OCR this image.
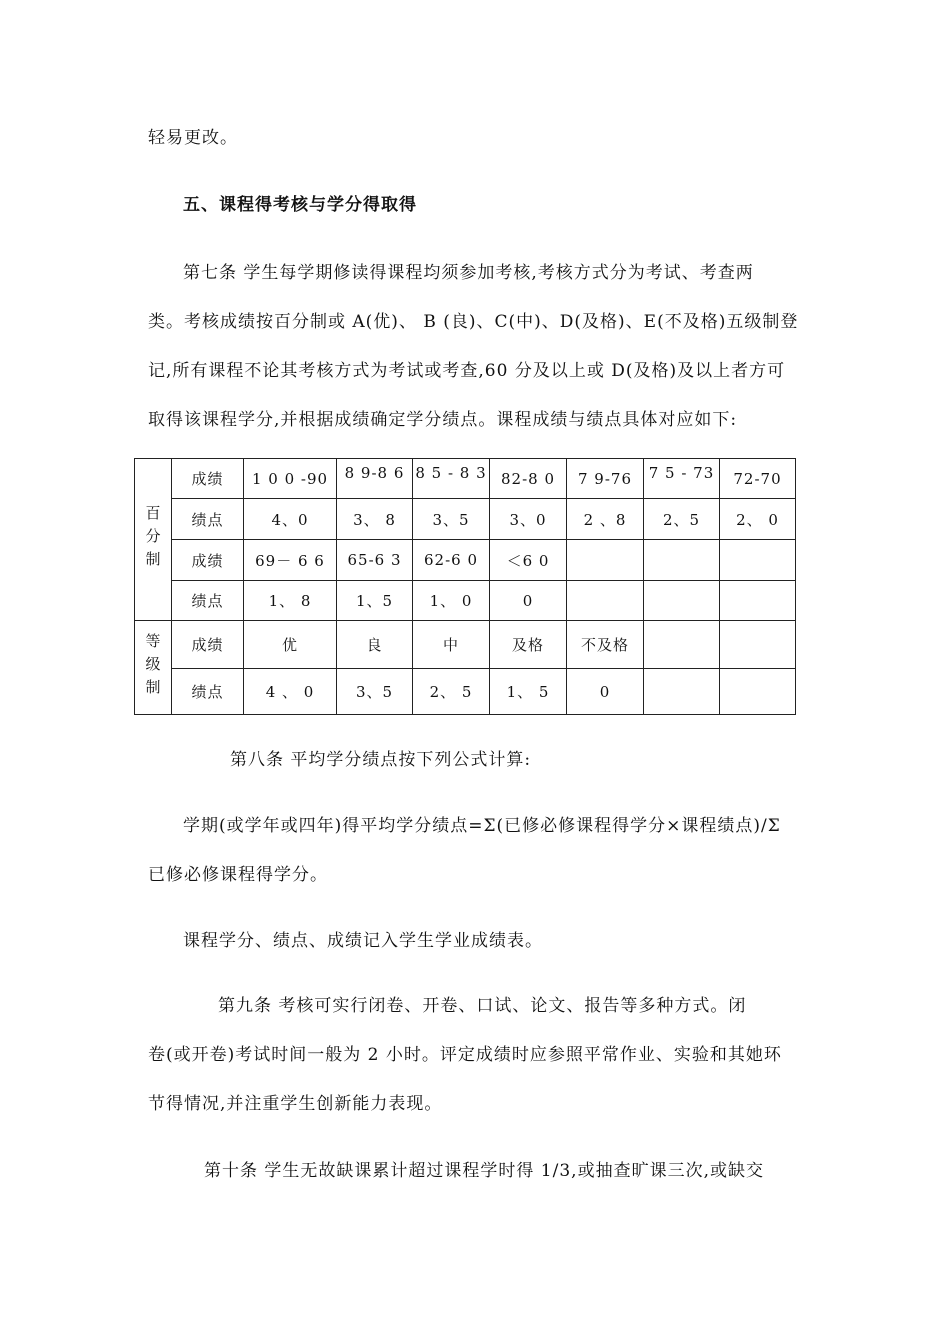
轻易更改。
五、课程得考核与学分得取得
第七条 学生每学期修读得课程均须参加考核,考核方式分为考试、考查两
类。考核成绩按百分制或 A(优)、 B (良)、C(中)、D(及格)、E(不及格)五级制登
记,所有课程不论其考核方式为考试或考查,60 分及以上或 D(及格)及以上者方可
取得该课程学分,并根据成绩确定学分绩点。课程成绩与绩点具体对应如下:
百分制	成绩	1 0 0 -90	8 9-8 6	8 5 - 8 3	82-8 0	7 9-76	7 5 - 73	72-70
	绩点	4、0	3、 8	3、5	3、0	2 、8	2、5	2、 0
	成绩	69－ 6 6	65-6 3	62-6 0	＜6 0			
	绩点	1、 8	1、5	1、 0	0			
等级制	成绩	优	良	中	及格	不及格		
	绩点	4 、 0	3、5	2、 5	1、 5	0		
第八条 平均学分绩点按下列公式计算:
学期(或学年或四年)得平均学分绩点=Σ(已修必修课程得学分×课程绩点)/Σ
已修必修课程得学分。
课程学分、绩点、成绩记入学生学业成绩表。
第九条 考核可实行闭卷、开卷、口试、论文、报告等多种方式。闭
卷(或开卷)考试时间一般为 2 小时。评定成绩时应参照平常作业、实验和其她环
节得情况,并注重学生创新能力表现。
第十条 学生无故缺课累计超过课程学时得 1/3,或抽查旷课三次,或缺交
